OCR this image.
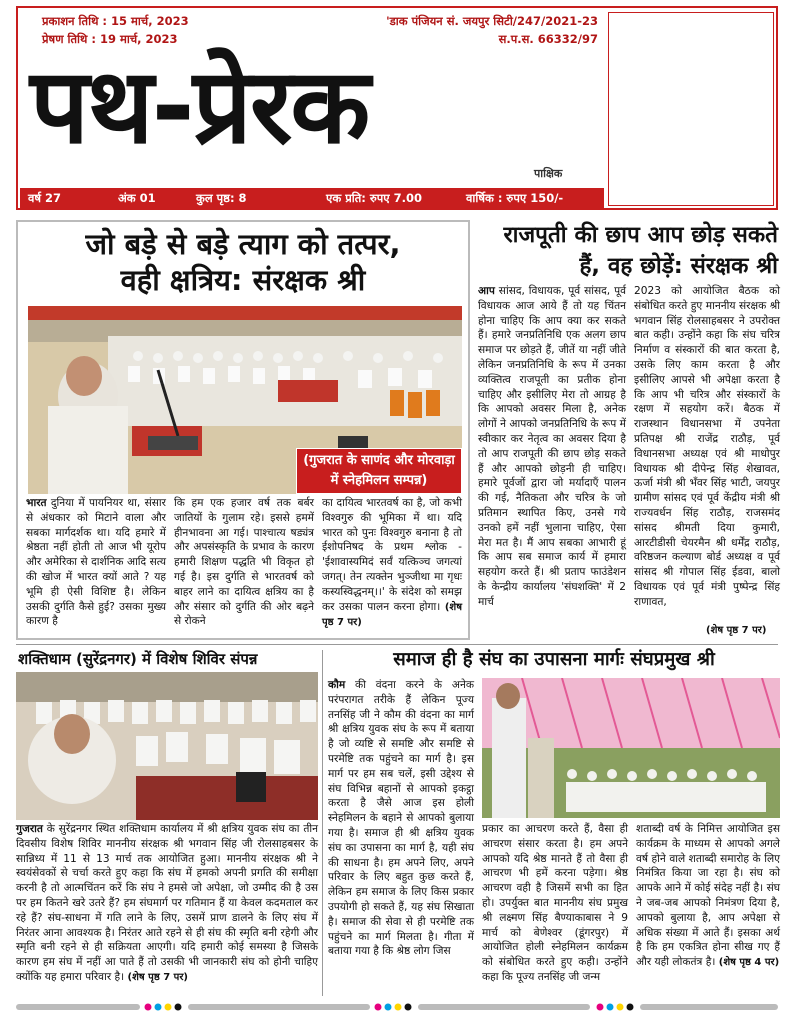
प्रकाशन तिथि : 15 मार्च, 2023
प्रेषण तिथि : 19 मार्च, 2023
'डाक पंजियन सं. जयपुर सिटी/247/2021-23
स.प.स. 66332/97
पथ-प्रेरक
पाक्षिक
वर्ष 27	अंक 01	कुल पृष्ठ: 8	एक प्रति: रुपए 7.00	वार्षिक : रुपए 150/-
जो बड़े से बड़े त्याग को तत्पर,
वही क्षत्रिय: संरक्षक श्री
(गुजरात के साणंद और मोरवाड़ा
में स्नेहमिलन सम्पन्न)
भारत दुनिया में पायनियर था, संसार से अंधकार को मिटाने वाला और सबका मार्गदर्शक था। यदि हमारे में श्रेष्ठता नहीं होती तो आज भी यूरोप और अमेरिका से दार्शनिक आदि सत्य की खोज में भारत क्यों आते ? यह भूमि ही ऐसी विशिष्ट है। लेकिन उसकी दुर्गति कैसे हुई? उसका मुख्य कारण है
कि हम एक हजार वर्ष तक बर्बर जातियों के गुलाम रहे। इससे हममें हीनभावना आ गई। पाश्चात्य षड्यंत्र और अपसंस्कृति के प्रभाव के कारण हमारी शिक्षण पद्धति भी विकृत हो गई है। इस दुर्गति से भारतवर्ष को बाहर लाने का दायित्व क्षत्रिय का है और संसार को दुर्गति की ओर बढ़ने से रोकने
का दायित्व भारतवर्ष का है, जो कभी विश्वगुरु की भूमिका में था। यदि भारत को पुनः विश्वगुरु बनाना है तो ईशोपनिषद के प्रथम श्लोक - 'ईशावास्यमिदं सर्वं यत्किञ्च जगत्यां जगत्। तेन त्यक्तेन भुञ्जीथा मा गृधः कस्यस्विद्धनम्।।' के संदेश को समझ कर उसका पालन करना होगा। (शेष पृष्ठ 7 पर)
राजपूती की छाप आप छोड़ सकते
हैं, वह छोड़ें: संरक्षक श्री
आप सांसद, विधायक, पूर्व सांसद, पूर्व विधायक आज आये हैं तो यह चिंतन होना चाहिए कि आप क्या कर सकते हैं। हमारे जनप्रतिनिधि एक अलग छाप समाज पर छोड़ते हैं, जीतें या नहीं जीते लेकिन जनप्रतिनिधि के रूप में उनका व्यक्तित्व राजपूती का प्रतीक होना चाहिए और इसीलिए मेरा तो आग्रह है कि आपको अवसर मिला है, अनेक लोगों ने आपको जनप्रतिनिधि के रूप में स्वीकार कर नेतृत्व का अवसर दिया है तो आप राजपूती की छाप छोड़ सकते हैं और आपको छोड़नी ही चाहिए। हमारे पूर्वजों द्वारा जो मर्यादाएँ पालन की गई, नैतिकता और चरित्र के जो प्रतिमान स्थापित किए, उनसे गये उनको हमें नहीं भुलाना चाहिए, ऐसा मेरा मत है। मैं आप सबका आभारी हूं कि आप सब समाज कार्य में हमारा सहयोग करते हैं। श्री प्रताप फाउंडेशन के केन्द्रीय कार्यालय 'संघशक्ति' में 2 मार्च
2023 को आयोजित बैठक को संबोधित करते हुए माननीय संरक्षक श्री भगवान सिंह रोलसाहबसर ने उपरोक्त बात कही। उन्होंने कहा कि संघ चरित्र निर्माण व संस्कारों की बात करता है, उसके लिए काम करता है और इसीलिए आपसे भी अपेक्षा करता है कि आप भी चरित्र और संस्कारों के रक्षण में सहयोग करें। बैठक में राजस्थान विधानसभा में उपनेता प्रतिपक्ष श्री राजेंद्र राठौड़, पूर्व विधानसभा अध्यक्ष एवं श्री माधोपुर विधायक श्री दीपेन्द्र सिंह शेखावत, ऊर्जा मंत्री श्री भँवर सिंह भाटी, जयपुर ग्रामीण सांसद एवं पूर्व केंद्रीय मंत्री श्री राज्यवर्धन सिंह राठौड़, राजसमंद सांसद श्रीमती दिया कुमारी, आरटीडीसी चेयरमैन श्री धर्मेंद्र राठौड़, वरिष्ठजन कल्याण बोर्ड अध्यक्ष व पूर्व सांसद श्री गोपाल सिंह ईडवा, बालो विधायक एवं पूर्व मंत्री पुष्पेन्द्र सिंह राणावत,
(शेष पृष्ठ 7 पर)
शक्तिधाम (सुरेंद्रनगर) में विशेष शिविर संपन्न
गुजरात के सुरेंद्रनगर स्थित शक्तिधाम कार्यालय में श्री क्षत्रिय युवक संघ का तीन दिवसीय विशेष शिविर माननीय संरक्षक श्री भगवान सिंह जी रोलसाहबसर के सान्निध्य में 11 से 13 मार्च तक आयोजित हुआ। माननीय संरक्षक श्री ने स्वयंसेवकों से चर्चा करते हुए कहा कि संघ में हमको अपनी प्रगति की समीक्षा करनी है तो आत्मचिंतन करें कि संघ ने हमसे जो अपेक्षा, जो उम्मीद की है उस पर हम कितने खरे उतरे हैं? हम संघमार्ग पर गतिमान हैं या केवल कदमताल कर रहे हैं? संघ-साधना में गति लाने के लिए, उसमें प्राण डालने के लिए संघ में निरंतर आना आवश्यक है। निरंतर आते रहने से ही संघ की स्मृति बनी रहेगी और स्मृति बनी रहने से ही सक्रियता आएगी। यदि हमारी कोई समस्या है जिसके कारण हम संघ में नहीं आ पाते हैं तो उसकी भी जानकारी संघ को होनी चाहिए क्योंकि यह हमारा परिवार है। (शेष पृष्ठ 7 पर)
समाज ही है संघ का उपासना मार्गः संघप्रमुख श्री
कौम की वंदना करने के अनेक परंपरागत तरीके हैं लेकिन पूज्य तनसिंह जी ने कौम की वंदना का मार्ग श्री क्षत्रिय युवक संघ के रूप में बताया है जो व्यष्टि से समष्टि और समष्टि से परमेष्टि तक पहुंचने का मार्ग है। इस मार्ग पर हम सब चलें, इसी उद्देश्य से संघ विभिन्न बहानों से आपको इकट्ठा करता है जैसे आज इस होली स्नेहमिलन के बहाने से आपको बुलाया गया है। समाज ही श्री क्षत्रिय युवक संघ का उपासना का मार्ग है, यही संघ की साधना है। हम अपने लिए, अपने परिवार के लिए बहुत कुछ करते हैं, लेकिन हम समाज के लिए किस प्रकार उपयोगी हो सकते हैं, यह संघ सिखाता है। समाज की सेवा से ही परमेष्टि तक पहुंचने का मार्ग मिलता है। गीता में बताया गया है कि श्रेष्ठ लोग जिस
प्रकार का आचरण करते हैं, वैसा ही आचरण संसार करता है। हम अपने आपको यदि श्रेष्ठ मानते हैं तो वैसा ही आचरण भी हमें करना पड़ेगा। श्रेष्ठ आचरण वही है जिसमें सभी का हित हो। उपर्युक्त बात माननीय संघ प्रमुख श्री लक्ष्मण सिंह बैण्याकाबास ने 9 मार्च को बेणेश्वर (डूंगरपुर) में आयोजित होली स्नेहमिलन कार्यक्रम को संबोधित करते हुए कही। उन्होंने कहा कि पूज्य तनसिंह जी जन्म
शताब्दी वर्ष के निमित्त आयोजित इस कार्यक्रम के माध्यम से आपको अगले वर्ष होने वाले शताब्दी समारोह के लिए निमंत्रित किया जा रहा है। संघ को आपके आने में कोई संदेह नहीं है। संघ ने जब-जब आपको निमंत्रण दिया है, आपको बुलाया है, आप अपेक्षा से अधिक संख्या में आते हैं। इसका अर्थ है कि हम एकत्रित होना सीख गए हैं और यही लोकतंत्र है। (शेष पृष्ठ 4 पर)
